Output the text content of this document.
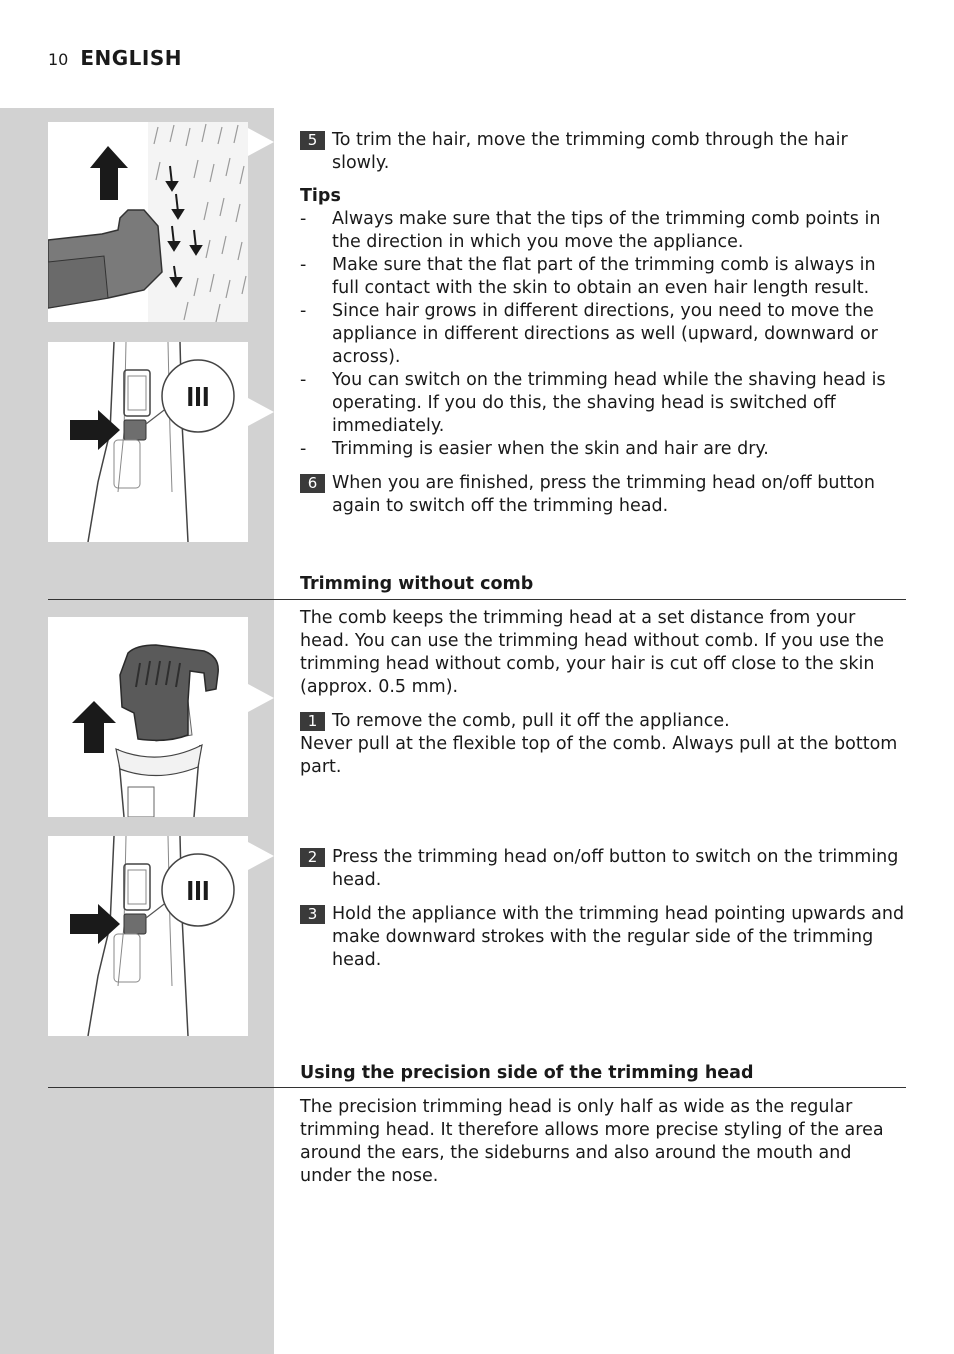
10 ENGLISH
III
III
5 To trim the hair, move the trimming comb through the hair slowly.
Tips
-	Always make sure that the tips of the trimming comb points in the direction in which you move the appliance.
-	Make sure that the flat part of the trimming comb is always in full contact with the skin to obtain an even hair length result.
-	Since hair grows in different directions, you need to move the appliance in different directions as well (upward, downward or across).
-	You can switch on the trimming head while the shaving head is operating. If you do this, the shaving head is switched off immediately.
-	Trimming is easier when the skin and hair are dry.
6 When you are finished, press the trimming head on/off button again to switch off the trimming head.
Trimming without comb

The comb keeps the trimming head at a set distance from your head. You can use the trimming head without comb. If you use the trimming head without comb, your hair is cut off close to the skin (approx. 0.5 mm).

1 To remove the comb, pull it off the appliance.

Never pull at the flexible top of the comb. Always pull at the bottom part.

2 Press the trimming head on/off button to switch on the trimming head.
3 Hold the appliance with the trimming head pointing upwards and make downward strokes with the regular side of the trimming head.
Using the precision side of the trimming head

The precision trimming head is only half as wide as the regular trimming head. It therefore allows more precise styling of the area around the ears, the sideburns and also around the mouth and under the nose.
